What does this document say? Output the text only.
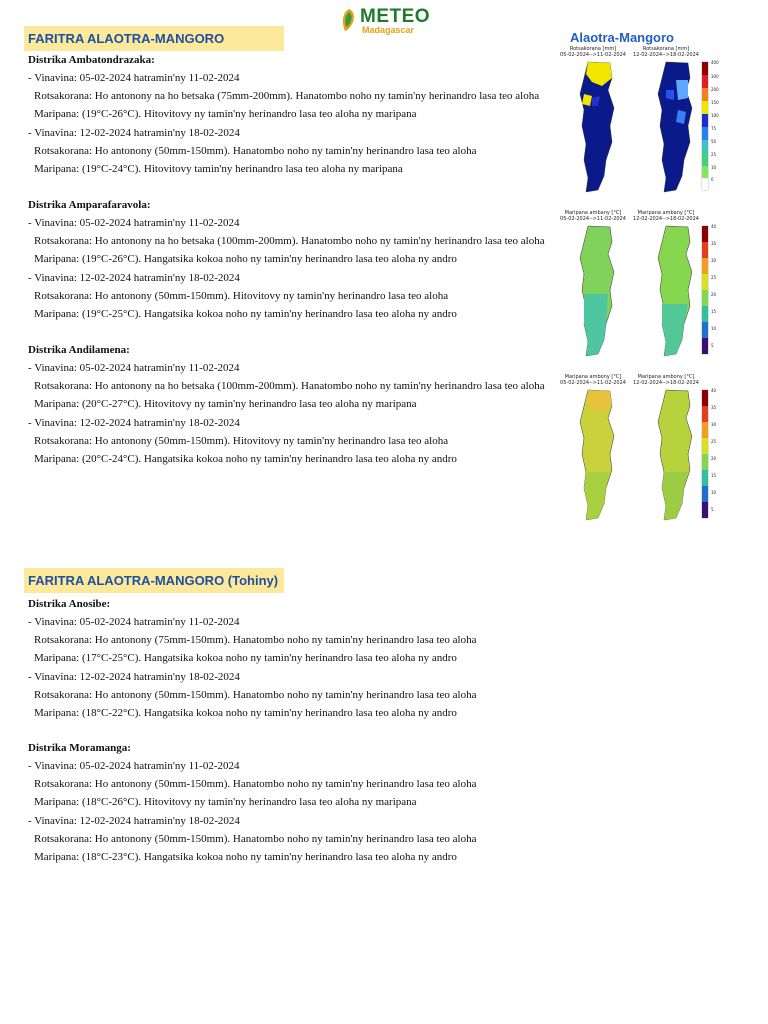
METEO
Madagascar
FARITRA ALAOTRA-MANGORO
Distrika Ambatondrazaka:
- Vinavina: 05-02-2024 hatramin'ny 11-02-2024
Rotsakorana: Ho antonony na ho betsaka (75mm-200mm). Hanatombo noho ny tamin'ny herinandro lasa teo aloha
Maripana: (19°C-26°C). Hitovitovy ny tamin'ny herinandro lasa teo aloha ny maripana
- Vinavina: 12-02-2024 hatramin'ny 18-02-2024
Rotsakorana: Ho antonony (50mm-150mm). Hanatombo noho ny tamin'ny herinandro lasa teo aloha
Maripana: (19°C-24°C). Hitovitovy tamin'ny herinandro lasa teo aloha ny maripana
Distrika Amparafaravola:
- Vinavina: 05-02-2024 hatramin'ny 11-02-2024
Rotsakorana: Ho antonony na ho betsaka (100mm-200mm). Hanatombo noho ny tamin'ny herinandro lasa teo aloha
Maripana: (19°C-26°C). Hangatsika kokoa noho ny tamin'ny herinandro lasa teo aloha ny andro
- Vinavina: 12-02-2024 hatramin'ny 18-02-2024
Rotsakorana: Ho antonony (50mm-150mm). Hitovitovy ny tamin'ny herinandro lasa teo aloha
Maripana: (19°C-25°C). Hangatsika kokoa noho ny tamin'ny herinandro lasa teo aloha ny andro
Distrika Andilamena:
- Vinavina: 05-02-2024 hatramin'ny 11-02-2024
Rotsakorana: Ho antonony na ho betsaka (100mm-200mm). Hanatombo noho ny tamin'ny herinandro lasa teo aloha
Maripana: (20°C-27°C). Hitovitovy ny tamin'ny herinandro lasa teo aloha ny maripana
- Vinavina: 12-02-2024 hatramin'ny 18-02-2024
Rotsakorana: Ho antonony (50mm-150mm). Hitovitovy ny tamin'ny herinandro lasa teo aloha
Maripana: (20°C-24°C). Hangatsika kokoa noho ny tamin'ny herinandro lasa teo aloha ny andro
FARITRA ALAOTRA-MANGORO (Tohiny)
Distrika Anosibe:
- Vinavina: 05-02-2024 hatramin'ny 11-02-2024
Rotsakorana: Ho antonony (75mm-150mm). Hanatombo noho ny tamin'ny herinandro lasa teo aloha
Maripana: (17°C-25°C). Hangatsika kokoa noho ny tamin'ny herinandro lasa teo aloha ny andro
- Vinavina: 12-02-2024 hatramin'ny 18-02-2024
Rotsakorana: Ho antonony (50mm-150mm). Hanatombo noho ny tamin'ny herinandro lasa teo aloha
Maripana: (18°C-22°C). Hangatsika kokoa noho ny tamin'ny herinandro lasa teo aloha ny andro
Distrika Moramanga:
- Vinavina: 05-02-2024 hatramin'ny 11-02-2024
Rotsakorana: Ho antonony (50mm-150mm). Hanatombo noho ny tamin'ny herinandro lasa teo aloha
Maripana: (18°C-26°C). Hitovitovy ny tamin'ny herinandro lasa teo aloha ny maripana
- Vinavina: 12-02-2024 hatramin'ny 18-02-2024
Rotsakorana: Ho antonony (50mm-150mm). Hanatombo noho ny tamin'ny herinandro lasa teo aloha
Maripana: (18°C-23°C). Hangatsika kokoa noho ny tamin'ny herinandro lasa teo aloha ny andro
Alaotra-Mangoro
Rotsakorana [mm]
05-02-2024-->11-02-2024
Rotsakorana [mm]
12-02-2024-->18-02-2024
400
300
200
150
100
75
50
25
10
0
Maripana ambany [°C]
05-02-2024-->11-02-2024
Maripana ambany [°C]
12-02-2024-->18-02-2024
40
35
30
25
20
15
10
5
Maripana ambony [°C]
05-02-2024-->11-02-2024
Maripana ambony [°C]
12-02-2024-->18-02-2024
40
35
30
25
20
15
10
5
